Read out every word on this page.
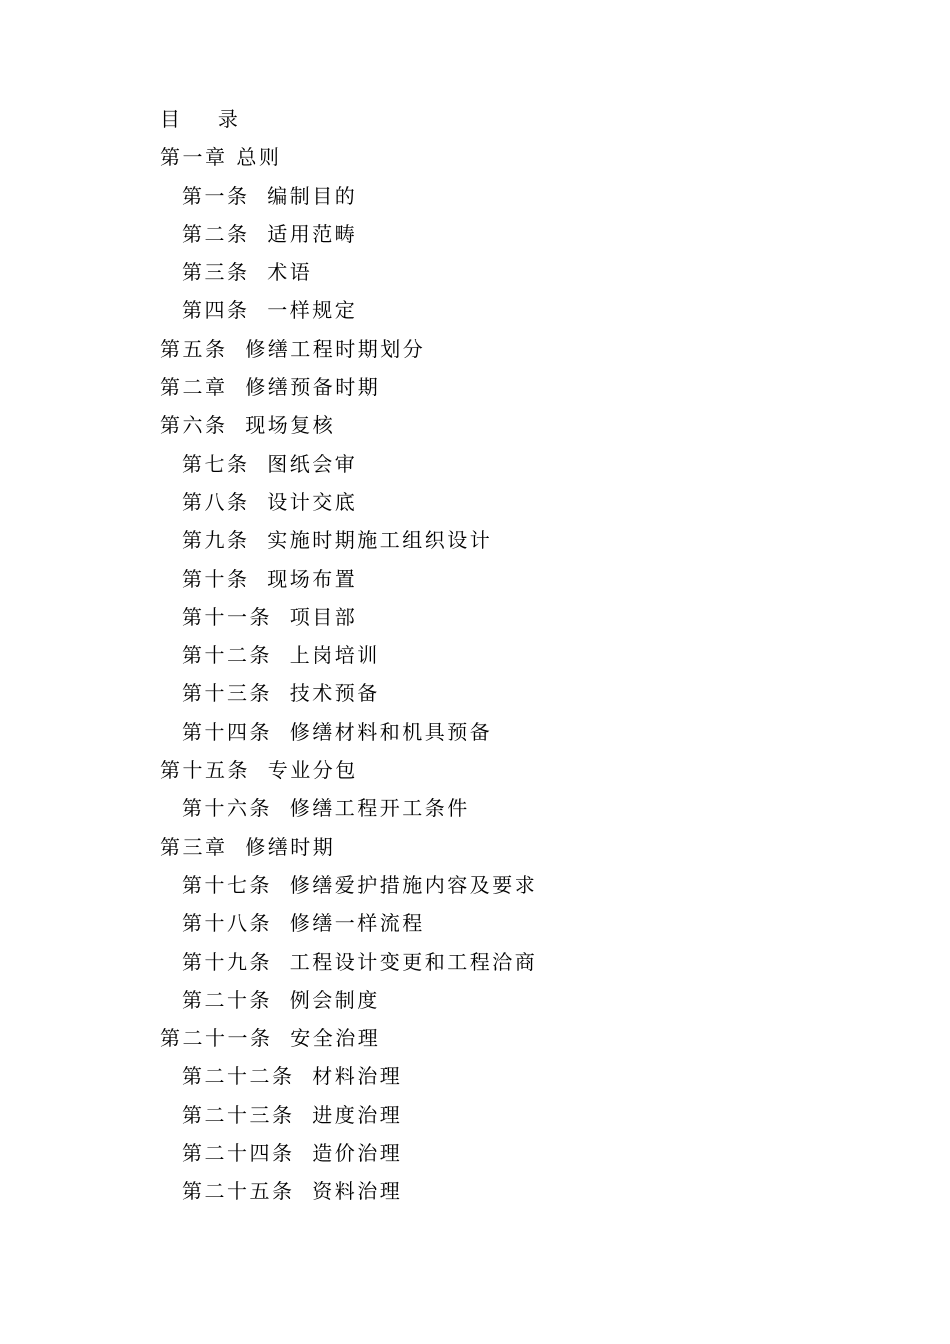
目    录
第一章 总则
第一条  编制目的
第二条  适用范畴
第三条  术语
第四条  一样规定
第五条  修缮工程时期划分
第二章  修缮预备时期
第六条  现场复核
第七条  图纸会审
第八条  设计交底
第九条  实施时期施工组织设计
第十条  现场布置
第十一条  项目部
第十二条  上岗培训
第十三条  技术预备
第十四条  修缮材料和机具预备
第十五条  专业分包
第十六条  修缮工程开工条件
第三章  修缮时期
第十七条  修缮爱护措施内容及要求
第十八条  修缮一样流程
第十九条  工程设计变更和工程洽商
第二十条  例会制度
第二十一条  安全治理
第二十二条  材料治理
第二十三条  进度治理
第二十四条  造价治理
第二十五条  资料治理
